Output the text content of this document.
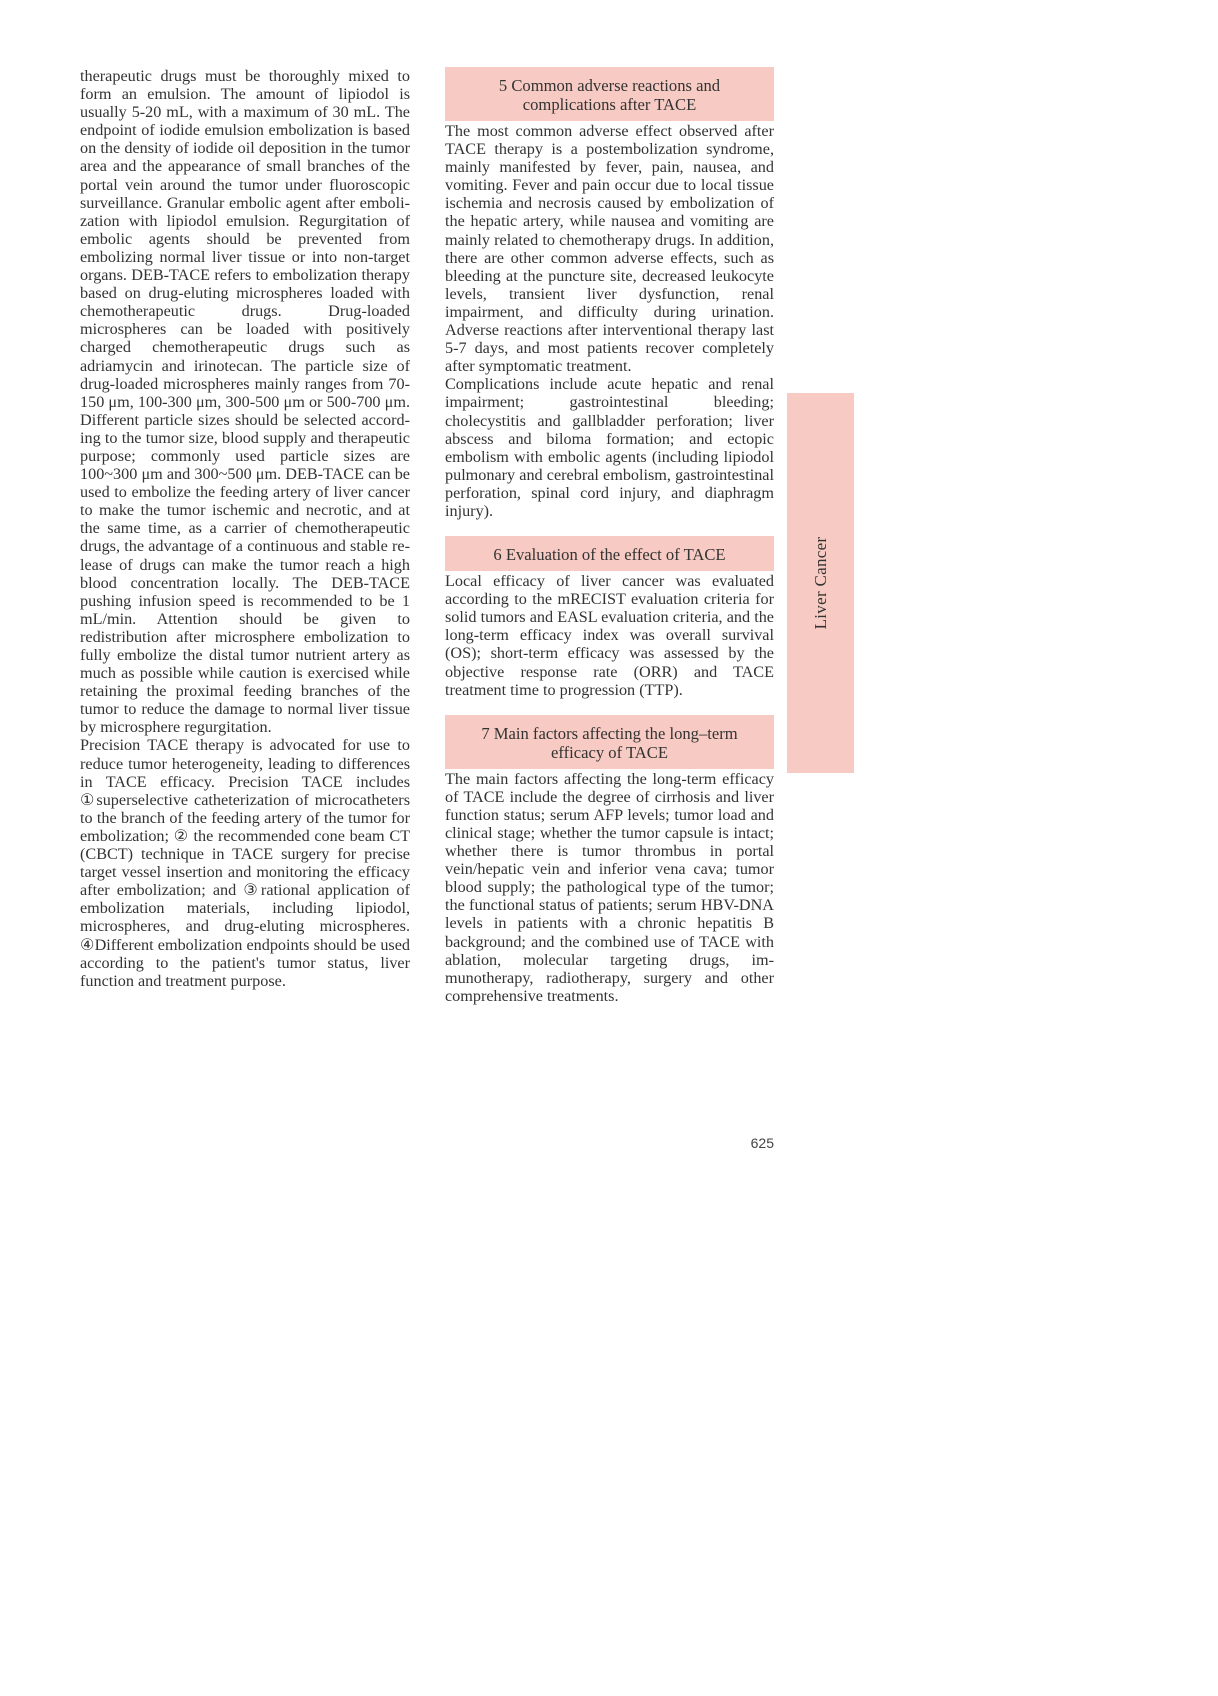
therapeutic drugs must be thoroughly mixed to form an emulsion. The amount of lipiodol is usually 5-20 mL, with a maximum of 30 mL. The endpoint of iodide emulsion embolization is based on the density of iodide oil deposition in the tumor area and the appearance of small branches of the portal vein around the tumor under fluoroscopic surveillance. Granular embolic agent after embolization with lipiodol emulsion. Regurgitation of embolic agents should be prevented from embolizing normal liver tissue or into non-target organs. DEB-TACE refers to embolization therapy based on drug-eluting microspheres loaded with chemotherapeutic drugs. Drug-loaded microspheres can be loaded with positively charged chemotherapeutic drugs such as adriamycin and irinotecan. The particle size of drug-loaded microspheres mainly ranges from 70-150 μm, 100-300 μm, 300-500 μm or 500-700 μm. Different particle sizes should be selected according to the tumor size, blood supply and therapeutic purpose; commonly used particle sizes are 100~300 μm and 300~500 μm. DEB-TACE can be used to embolize the feeding artery of liver cancer to make the tumor ischemic and necrotic, and at the same time, as a carrier of chemotherapeutic drugs, the advantage of a continuous and stable release of drugs can make the tumor reach a high blood concentration locally. The DEB-TACE pushing infusion speed is recommended to be 1 mL/min. Attention should be given to redistribution after microsphere embolization to fully embolize the distal tumor nutrient artery as much as possible while caution is exercised while retaining the proximal feeding branches of the tumor to reduce the damage to normal liver tissue by microsphere regurgitation.

Precision TACE therapy is advocated for use to reduce tumor heterogeneity, leading to differences in TACE efficacy. Precision TACE includes ①superselective catheterization of microcatheters to the branch of the feeding artery of the tumor for embolization; ② the recommended cone beam CT (CBCT) technique in TACE surgery for precise target vessel insertion and monitoring the efficacy after embolization; and ③rational application of embolization materials, including lipiodol, microspheres, and drug-eluting microspheres. ④Different embolization endpoints should be used according to the patient's tumor status, liver function and treatment purpose.

5 Common adverse reactions and complications after TACE

The most common adverse effect observed after TACE therapy is a postembolization syndrome, mainly manifested by fever, pain, nausea, and vomiting. Fever and pain occur due to local tissue ischemia and necrosis caused by embolization of the hepatic artery, while nausea and vomiting are mainly related to chemotherapy drugs. In addition, there are other common adverse effects, such as bleeding at the puncture site, decreased leukocyte levels, transient liver dysfunction, renal impairment, and difficulty during urination. Adverse reactions after interventional therapy last 5-7 days, and most patients recover completely after symptomatic treatment.

Complications include acute hepatic and renal impairment; gastrointestinal bleeding; cholecystitis and gallbladder perforation; liver abscess and biloma formation; and ectopic embolism with embolic agents (including lipiodol pulmonary and cerebral embolism, gastrointestinal perforation, spinal cord injury, and diaphragm injury).

6 Evaluation of the effect of TACE

Local efficacy of liver cancer was evaluated according to the mRECIST evaluation criteria for solid tumors and EASL evaluation criteria, and the long-term efficacy index was overall survival (OS); short-term efficacy was assessed by the objective response rate (ORR) and TACE treatment time to progression (TTP).

7 Main factors affecting the long–term efficacy of TACE

The main factors affecting the long-term efficacy of TACE include the degree of cirrhosis and liver function status; serum AFP levels; tumor load and clinical stage; whether the tumor capsule is intact; whether there is tumor thrombus in portal vein/hepatic vein and inferior vena cava; tumor blood supply; the pathological type of the tumor; the functional status of patients; serum HBV-DNA levels in patients with a chronic hepatitis B background; and the combined use of TACE with ablation, molecular targeting drugs, immunotherapy, radiotherapy, surgery and other comprehensive treatments.

Liver Cancer
625
